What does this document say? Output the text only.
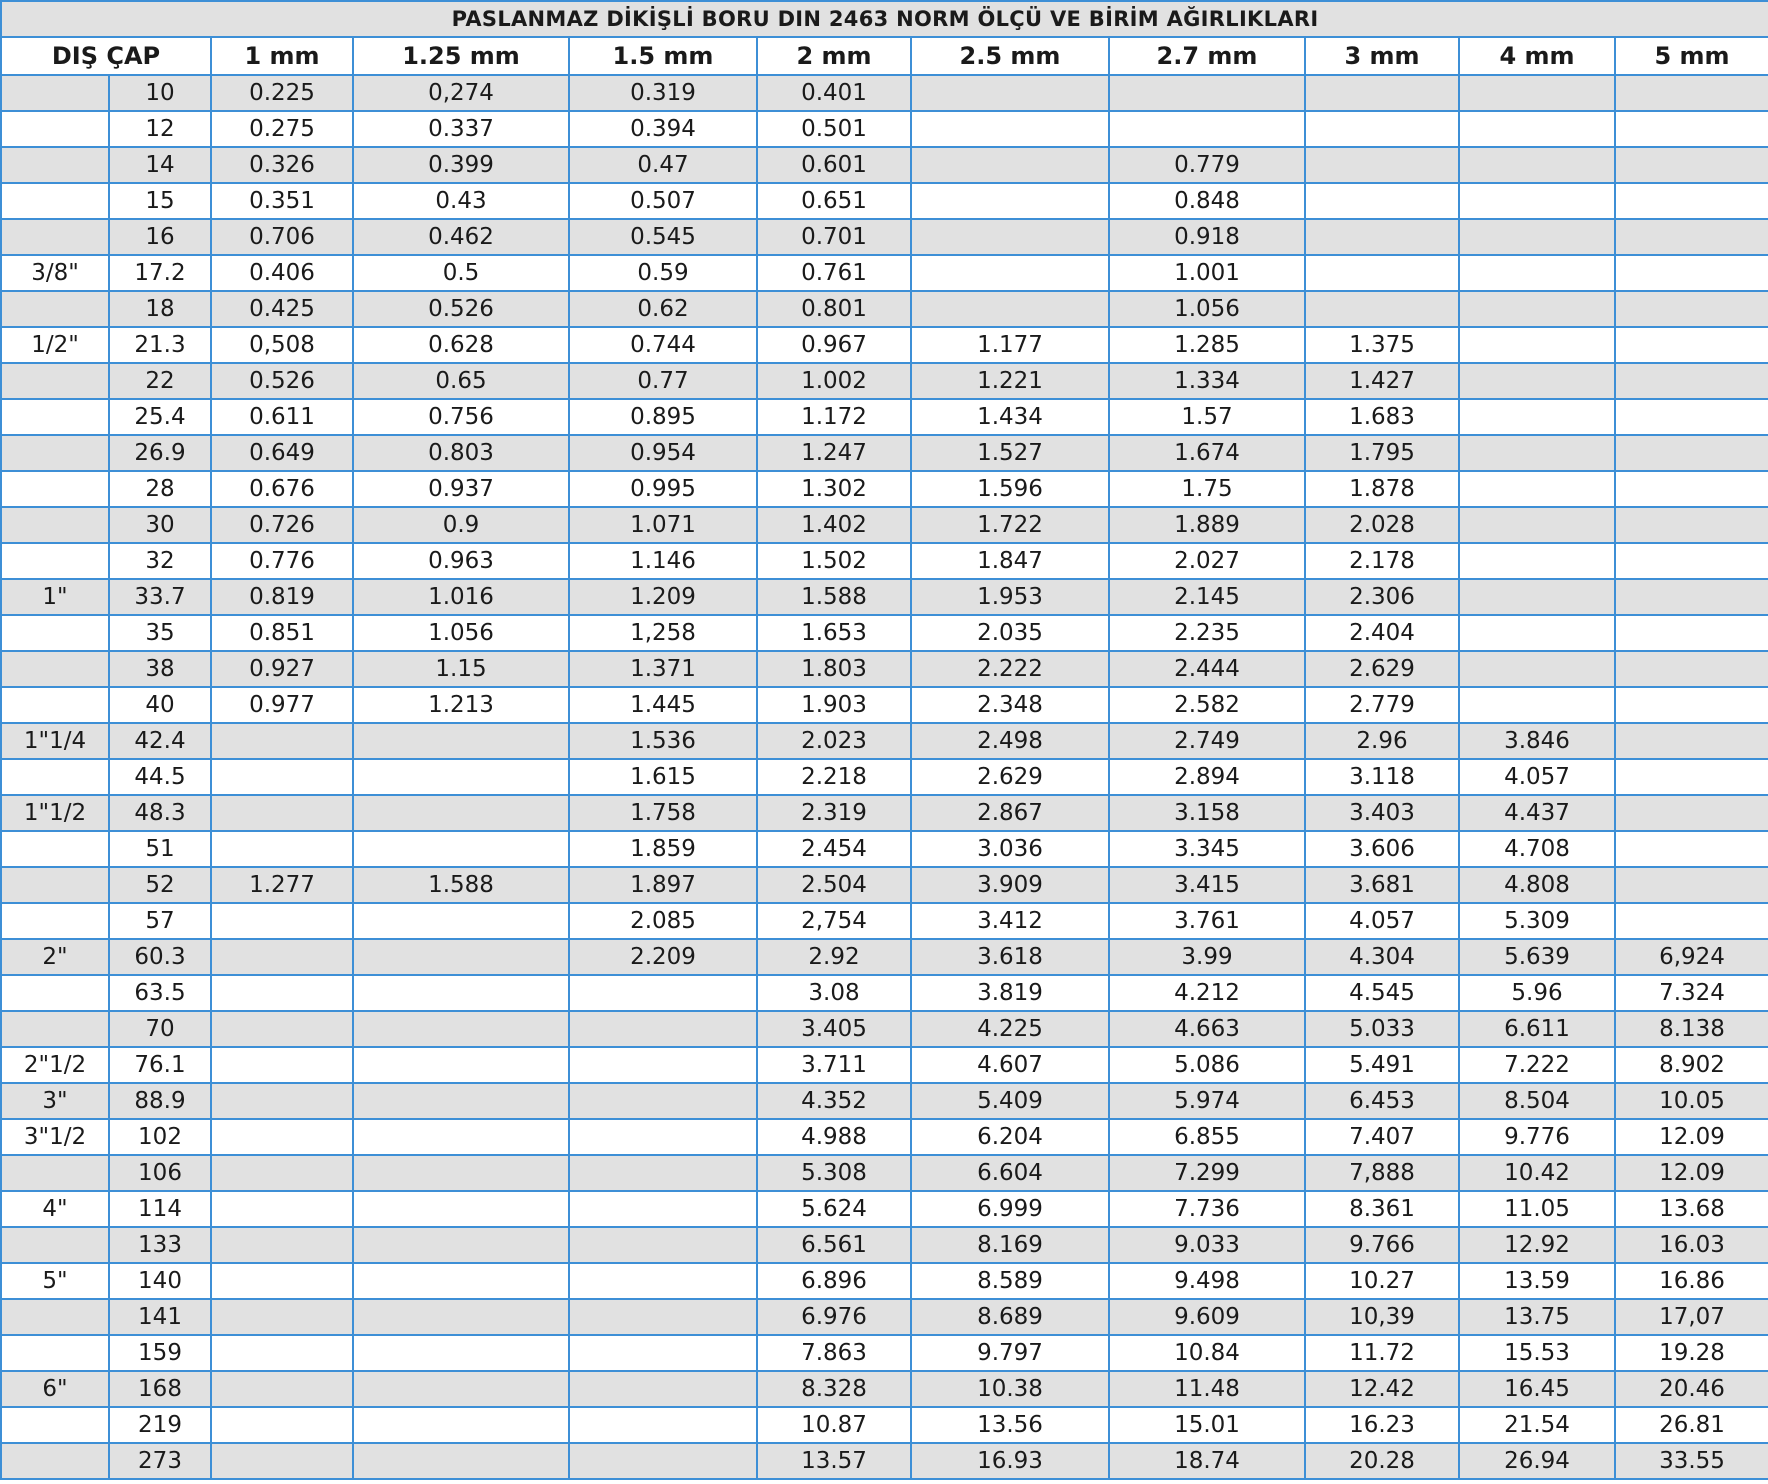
PASLANMAZ DİKİŞLİ BORU DIN 2463 NORM ÖLÇÜ VE BİRİM AĞIRLIKLARI										
DIŞ ÇAP		1 mm	1.25 mm	1.5 mm	2 mm	2.5 mm	2.7 mm	3 mm	4 mm	5 mm
	10	0.225	0,274	0.319	0.401					
	12	0.275	0.337	0.394	0.501					
	14	0.326	0.399	0.47	0.601		0.779			
	15	0.351	0.43	0.507	0.651		0.848			
	16	0.706	0.462	0.545	0.701		0.918			
3/8"	17.2	0.406	0.5	0.59	0.761		1.001			
	18	0.425	0.526	0.62	0.801		1.056			
1/2"	21.3	0,508	0.628	0.744	0.967	1.177	1.285	1.375		
	22	0.526	0.65	0.77	1.002	1.221	1.334	1.427		
	25.4	0.611	0.756	0.895	1.172	1.434	1.57	1.683		
	26.9	0.649	0.803	0.954	1.247	1.527	1.674	1.795		
	28	0.676	0.937	0.995	1.302	1.596	1.75	1.878		
	30	0.726	0.9	1.071	1.402	1.722	1.889	2.028		
	32	0.776	0.963	1.146	1.502	1.847	2.027	2.178		
1"	33.7	0.819	1.016	1.209	1.588	1.953	2.145	2.306		
	35	0.851	1.056	1,258	1.653	2.035	2.235	2.404		
	38	0.927	1.15	1.371	1.803	2.222	2.444	2.629		
	40	0.977	1.213	1.445	1.903	2.348	2.582	2.779		
1"1/4	42.4			1.536	2.023	2.498	2.749	2.96	3.846	
	44.5			1.615	2.218	2.629	2.894	3.118	4.057	
1"1/2	48.3			1.758	2.319	2.867	3.158	3.403	4.437	
	51			1.859	2.454	3.036	3.345	3.606	4.708	
	52	1.277	1.588	1.897	2.504	3.909	3.415	3.681	4.808	
	57			2.085	2,754	3.412	3.761	4.057	5.309	
2"	60.3			2.209	2.92	3.618	3.99	4.304	5.639	6,924
	63.5				3.08	3.819	4.212	4.545	5.96	7.324
	70				3.405	4.225	4.663	5.033	6.611	8.138
2"1/2	76.1				3.711	4.607	5.086	5.491	7.222	8.902
3"	88.9				4.352	5.409	5.974	6.453	8.504	10.05
3"1/2	102				4.988	6.204	6.855	7.407	9.776	12.09
	106				5.308	6.604	7.299	7,888	10.42	12.09
4"	114				5.624	6.999	7.736	8.361	11.05	13.68
	133				6.561	8.169	9.033	9.766	12.92	16.03
5"	140				6.896	8.589	9.498	10.27	13.59	16.86
	141				6.976	8.689	9.609	10,39	13.75	17,07
	159				7.863	9.797	10.84	11.72	15.53	19.28
6"	168				8.328	10.38	11.48	12.42	16.45	20.46
	219				10.87	13.56	15.01	16.23	21.54	26.81
	273				13.57	16.93	18.74	20.28	26.94	33.55
